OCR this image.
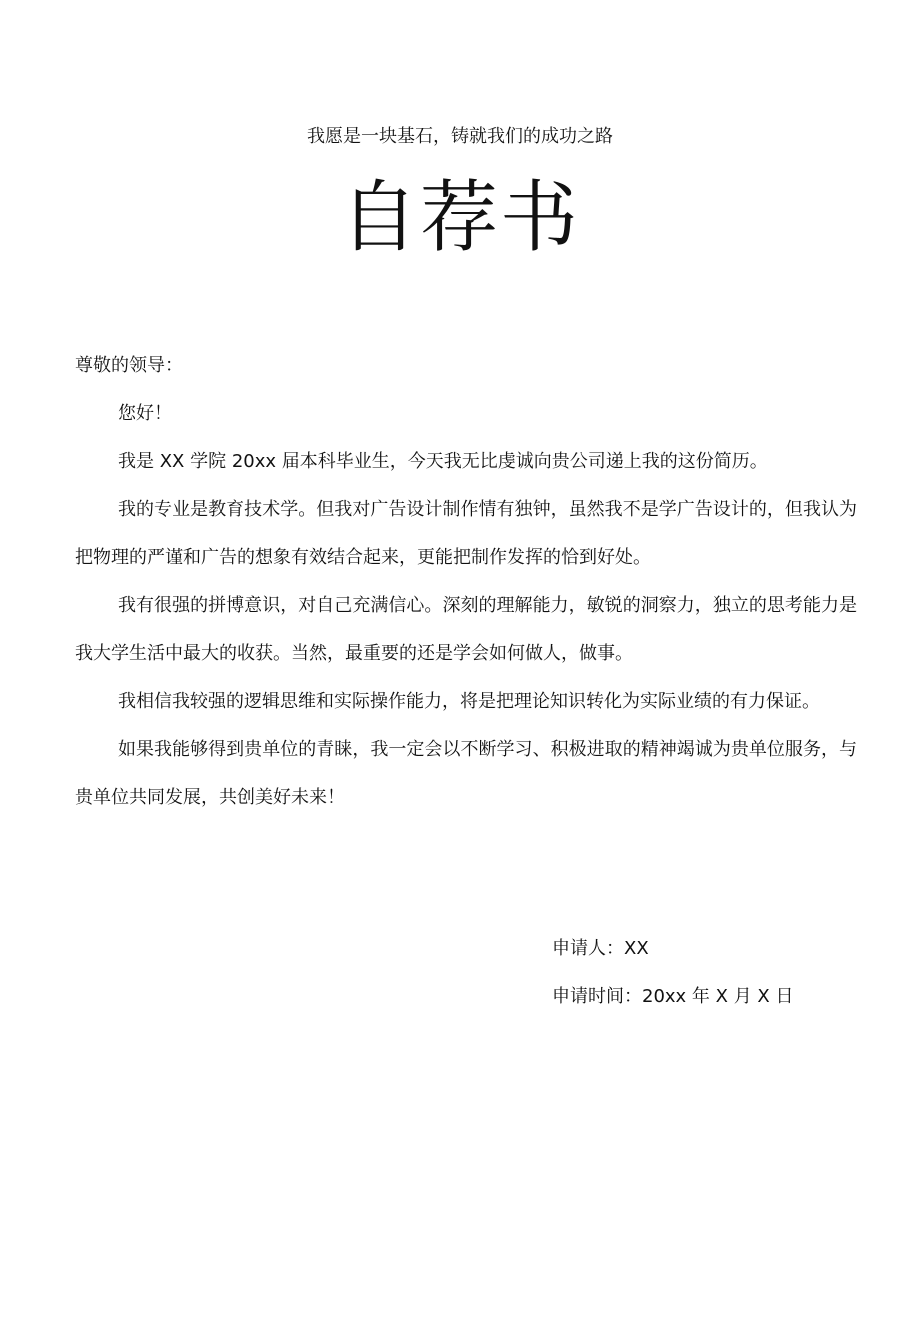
我愿是一块基石，铸就我们的成功之路
自荐书

尊敬的领导：

您好！

我是 XX 学院 20xx 届本科毕业生，今天我无比虔诚向贵公司递上我的这份简历。

我的专业是教育技术学。但我对广告设计制作情有独钟，虽然我不是学广告设计的，但我认为把物理的严谨和广告的想象有效结合起来，更能把制作发挥的恰到好处。

我有很强的拼博意识，对自己充满信心。深刻的理解能力，敏锐的洞察力，独立的思考能力是我大学生活中最大的收获。当然，最重要的还是学会如何做人，做事。

我相信我较强的逻辑思维和实际操作能力，将是把理论知识转化为实际业绩的有力保证。

如果我能够得到贵单位的青睐，我一定会以不断学习、积极进取的精神竭诚为贵单位服务，与贵单位共同发展，共创美好未来！

申请人：XX

申请时间：20xx 年 X 月 X 日
